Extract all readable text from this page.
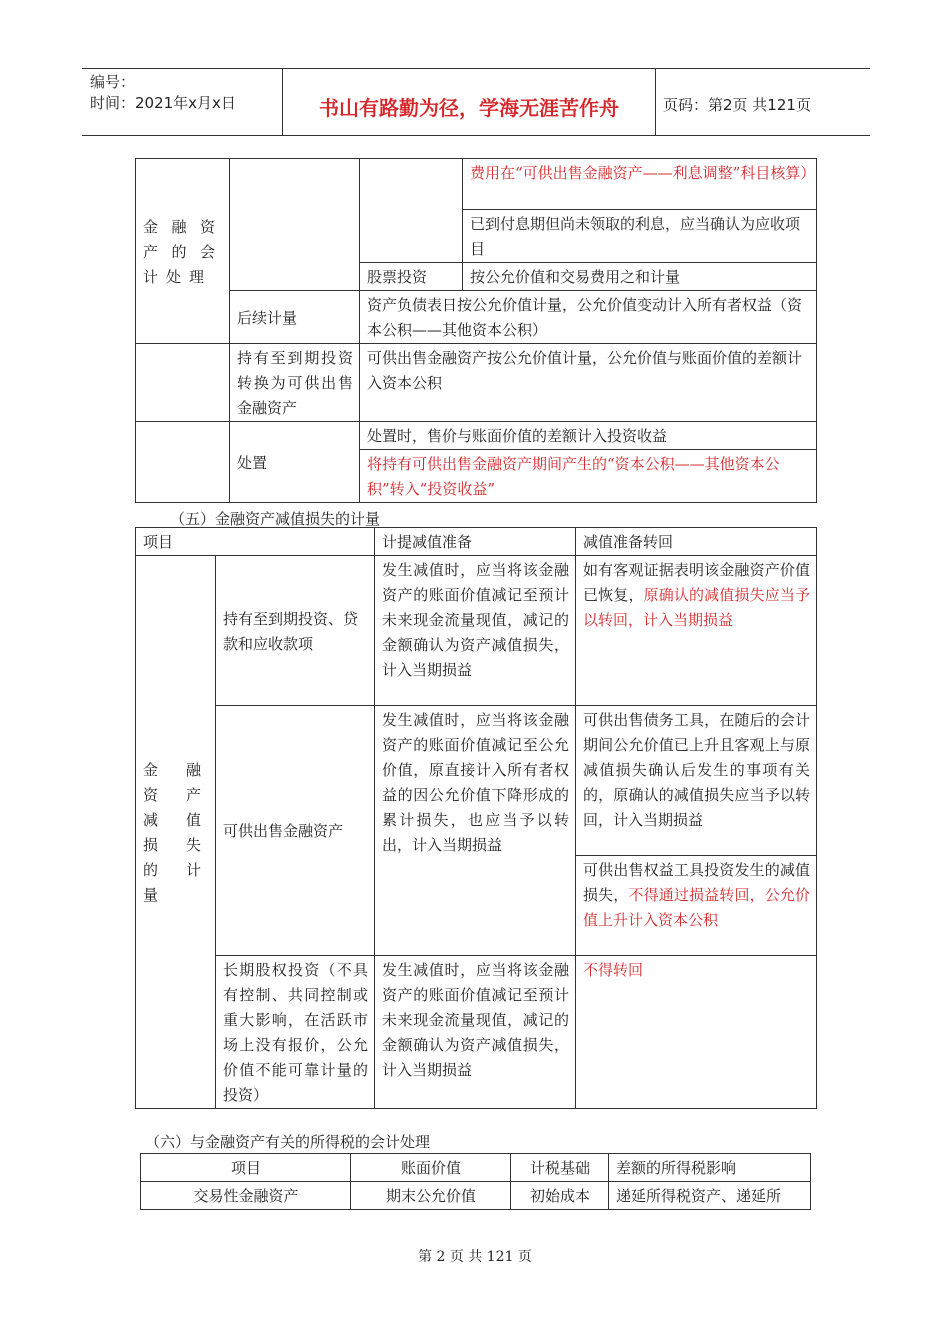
编号：
时间：2021年x月x日	书山有路勤为径，学海无涯苦作舟	页码：第2页 共121页
金融资产的会计处理			费用在“可供出售金融资产——利息调整”科目核算）
			已到付息期但尚未领取的利息，应当确认为应收项目
		股票投资	按公允价值和交易费用之和计量
	后续计量	资产负债表日按公允价值计量，公允价值变动计入所有者权益（资本公积——其他资本公积）	
	持有至到期投资转换为可供出售金融资产	可供出售金融资产按公允价值计量，公允价值与账面价值的差额计入资本公积	
	处置	处置时，售价与账面价值的差额计入投资收益	
		将持有可供出售金融资产期间产生的“资本公积——其他资本公积”转入“投资收益”	
（五）金融资产减值损失的计量
项目		计提减值准备	减值准备转回
金融资产减值损失的计量	持有至到期投资、贷款和应收款项	发生减值时，应当将该金融资产的账面价值减记至预计未来现金流量现值，减记的金额确认为资产减值损失，计入当期损益	如有客观证据表明该金融资产价值已恢复，原确认的减值损失应当予以转回，计入当期损益
	可供出售金融资产	发生减值时，应当将该金融资产的账面价值减记至公允价值，原直接计入所有者权益的因公允价值下降形成的累计损失，也应当予以转出，计入当期损益	可供出售债务工具，在随后的会计期间公允价值已上升且客观上与原减值损失确认后发生的事项有关的，原确认的减值损失应当予以转回，计入当期损益
			可供出售权益工具投资发生的减值损失，不得通过损益转回，公允价值上升计入资本公积
	长期股权投资（不具有控制、共同控制或重大影响，在活跃市场上没有报价，公允价值不能可靠计量的投资）	发生减值时，应当将该金融资产的账面价值减记至预计未来现金流量现值，减记的金额确认为资产减值损失，计入当期损益	不得转回
（六）与金融资产有关的所得税的会计处理
项目	账面价值	计税基础	差额的所得税影响
交易性金融资产	期末公允价值	初始成本	递延所得税资产、递延所
第 2 页 共 121 页
